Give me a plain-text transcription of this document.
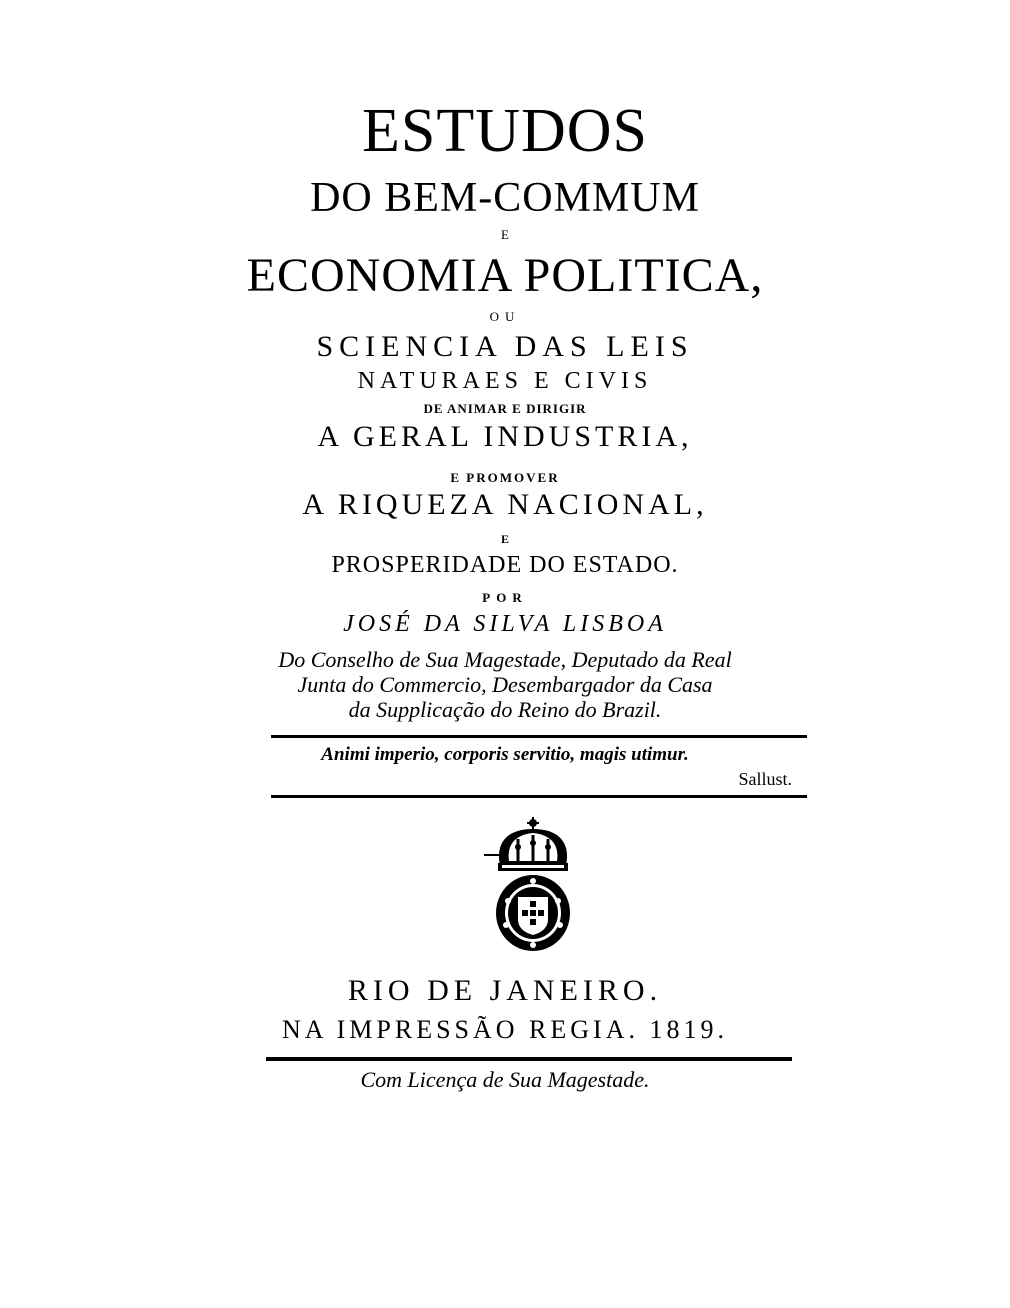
ESTUDOS
DO BEM-COMMUM
E
ECONOMIA POLITICA,
OU
SCIENCIA DAS LEIS
NATURAES E CIVIS
DE ANIMAR E DIRIGIR
A GERAL INDUSTRIA,
E PROMOVER
A RIQUEZA NACIONAL,
E
PROSPERIDADE DO ESTADO.
POR
JOSÉ DA SILVA LISBOA
Do Conselho de Sua Magestade, Deputado da Real
Junta do Commercio, Desembargador da Casa
da Supplicação do Reino do Brazil.
Animi imperio, corporis servitio, magis utimur.
Sallust.
RIO DE JANEIRO.
NA IMPRESSÃO REGIA. 1819.
Com Licença de Sua Magestade.
